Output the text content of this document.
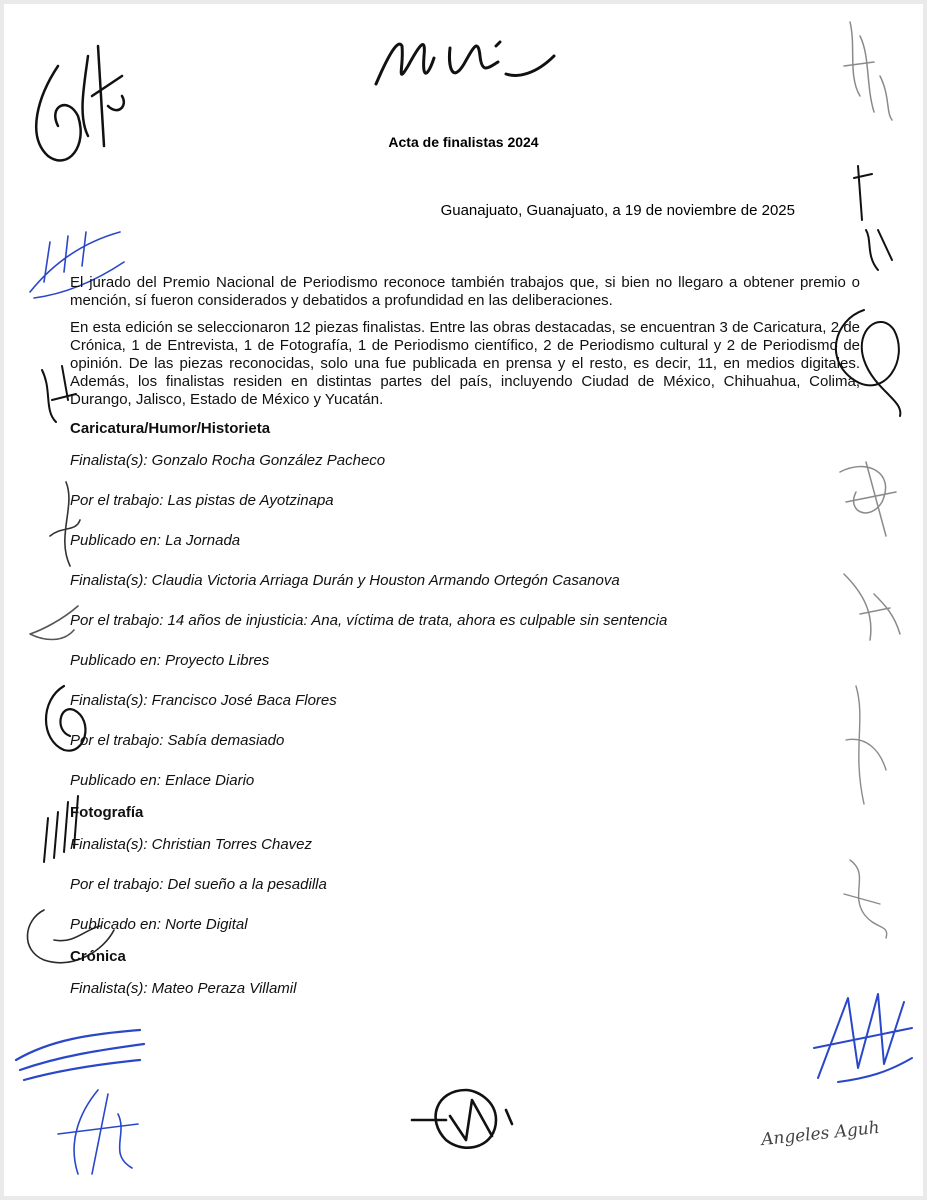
Angeles Aguh
Acta de finalistas 2024
Guanajuato, Guanajuato, a 19 de noviembre de 2025

El jurado del Premio Nacional de Periodismo reconoce también trabajos que, si bien no llegaro a obtener premio o mención, sí fueron considerados y debatidos a profundidad en las deliberaciones.

En esta edición se seleccionaron 12 piezas finalistas. Entre las obras destacadas, se encuentran 3 de Caricatura, 2 de Crónica, 1 de Entrevista, 1 de Fotografía, 1 de Periodismo científico, 2 de Periodismo cultural y 2 de Periodismo de opinión. De las piezas reconocidas, solo una fue publicada en prensa y el resto, es decir, 11, en medios digitales. Además, los finalistas residen en distintas partes del país, incluyendo Ciudad de México, Chihuahua, Colima, Durango, Jalisco, Estado de México y Yucatán.

Caricatura/Humor/Historieta
Finalista(s): Gonzalo Rocha González Pacheco
Por el trabajo: Las pistas de Ayotzinapa
Publicado en: La Jornada
Finalista(s): Claudia Victoria Arriaga Durán y Houston Armando Ortegón Casanova
Por el trabajo: 14 años de injusticia: Ana, víctima de trata, ahora es culpable sin sentencia
Publicado en: Proyecto Libres
Finalista(s): Francisco José Baca Flores
Por el trabajo: Sabía demasiado
Publicado en: Enlace Diario
Fotografía
Finalista(s): Christian Torres Chavez
Por el trabajo: Del sueño a la pesadilla
Publicado en: Norte Digital
Crónica
Finalista(s): Mateo Peraza Villamil
